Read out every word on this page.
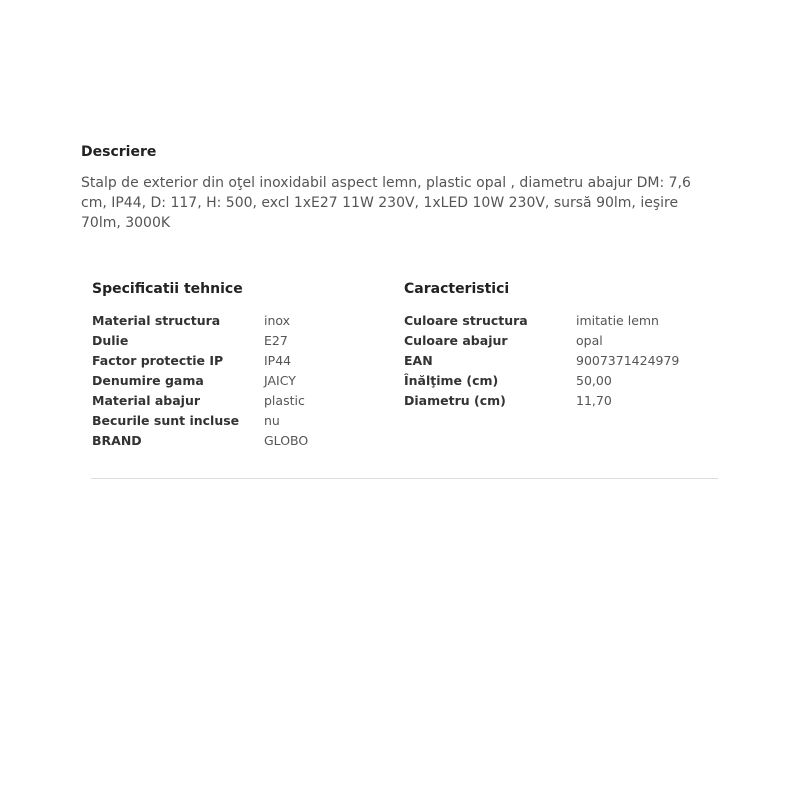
Descriere

Stalp de exterior din oţel inoxidabil aspect lemn, plastic opal , diametru abajur DM: 7,6 cm, IP44, D: 117, H: 500, excl 1xE27 11W 230V, 1xLED 10W 230V, sursă 90lm, ieşire 70lm, 3000K

Specificatii tehnice
Material structura	inox
Dulie	E27
Factor protectie IP	IP44
Denumire gama	JAICY
Material abajur	plastic
Becurile sunt incluse	nu
BRAND	GLOBO
Caracteristici
Culoare structura	imitatie lemn
Culoare abajur	opal
EAN	9007371424979
Înălţime (cm)	50,00
Diametru (cm)	11,70
